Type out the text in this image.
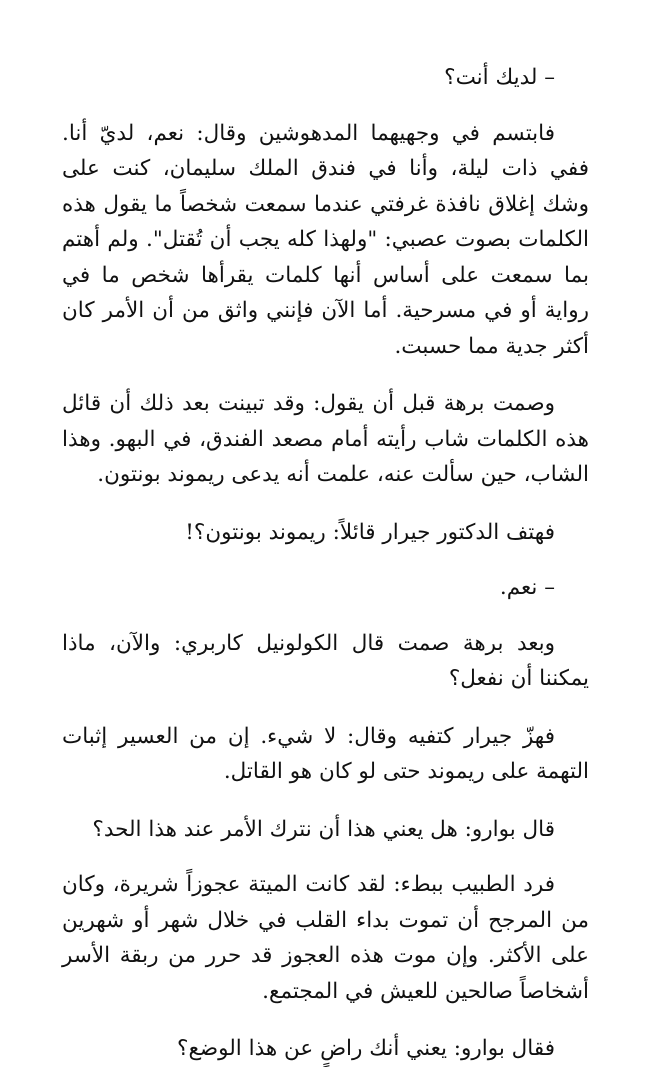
– لديك أنت؟

فابتسم في وجهيهما المدهوشين وقال: نعم، لديّ أنا. ففي ذات ليلة، وأنا في فندق الملك سليمان، كنت على وشك إغلاق نافذة غرفتي عندما سمعت شخصاً ما يقول هذه الكلمات بصوت عصبي: "ولهذا كله يجب أن تُقتل". ولم أهتم بما سمعت على أساس أنها كلمات يقرأها شخص ما في رواية أو في مسرحية. أما الآن فإنني واثق من أن الأمر كان أكثر جدية مما حسبت.

وصمت برهة قبل أن يقول: وقد تبينت بعد ذلك أن قائل هذه الكلمات شاب رأيته أمام مصعد الفندق، في البهو. وهذا الشاب، حين سألت عنه، علمت أنه يدعى ريموند بونتون.

فهتف الدكتور جيرار قائلاً: ريموند بونتون؟!

– نعم.

وبعد برهة صمت قال الكولونيل كاربري: والآن، ماذا يمكننا أن نفعل؟

فهزّ جيرار كتفيه وقال: لا شيء. إن من العسير إثبات التهمة على ريموند حتى لو كان هو القاتل.

قال بوارو: هل يعني هذا أن نترك الأمر عند هذا الحد؟

فرد الطبيب ببطء: لقد كانت الميتة عجوزاً شريرة، وكان من المرجح أن تموت بداء القلب في خلال شهر أو شهرين على الأكثر. وإن موت هذه العجوز قد حرر من ربقة الأسر أشخاصاً صالحين للعيش في المجتمع.

فقال بوارو: يعني أنك راضٍ عن هذا الوضع؟
